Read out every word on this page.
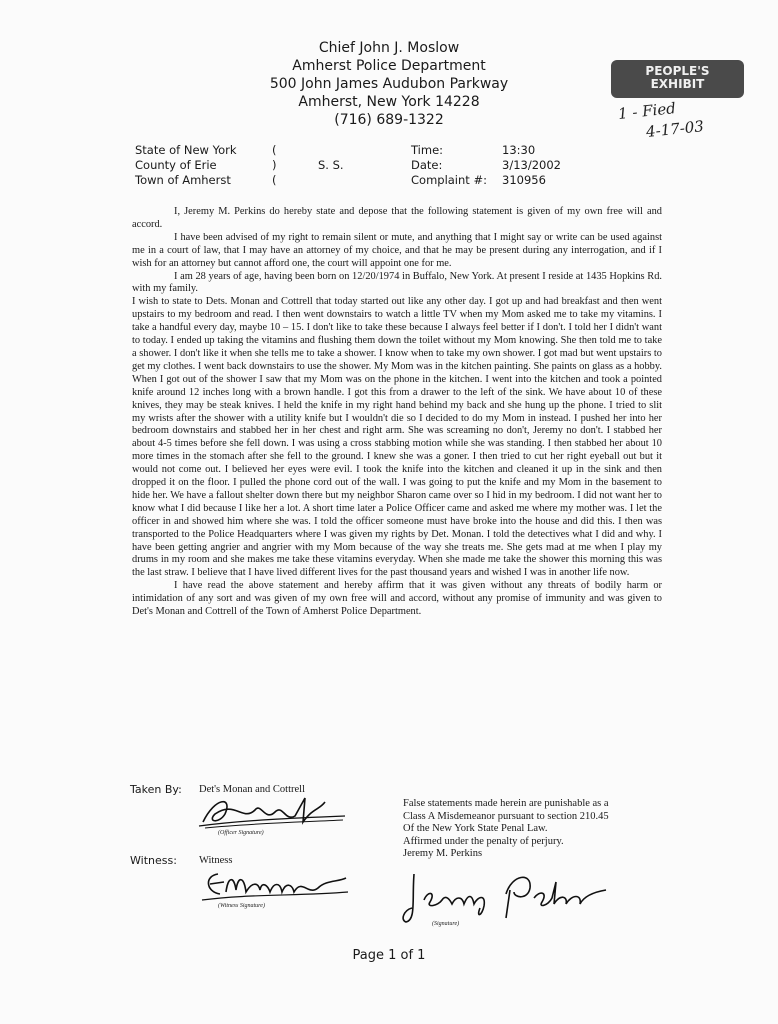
Chief John J. Moslow
Amherst Police Department
500 John James Audubon Parkway
Amherst, New York 14228
(716) 689-1322
PEOPLE'S
EXHIBIT
1 - Fied
4-17-03
State of New York
County of Erie
Town of Amherst
(
)
(
S. S.
Time:
Date:
Complaint #:
13:30
3/13/2002
310956

I, Jeremy M. Perkins do hereby state and depose that the following statement is given of my own free will and accord.

I have been advised of my right to remain silent or mute, and anything that I might say or write can be used against me in a court of law, that I may have an attorney of my choice, and that he may be present during any interrogation, and if I wish for an attorney but cannot afford one, the court will appoint one for me.

I am 28 years of age, having been born on 12/20/1974 in Buffalo, New York. At present I reside at 1435 Hopkins Rd. with my family.

I wish to state to Dets. Monan and Cottrell that today started out like any other day. I got up and had breakfast and then went upstairs to my bedroom and read. I then went downstairs to watch a little TV when my Mom asked me to take my vitamins. I take a handful every day, maybe 10 – 15. I don't like to take these because I always feel better if I don't. I told her I didn't want to today. I ended up taking the vitamins and flushing them down the toilet without my Mom knowing. She then told me to take a shower. I don't like it when she tells me to take a shower. I know when to take my own shower. I got mad but went upstairs to get my clothes. I went back downstairs to use the shower. My Mom was in the kitchen painting. She paints on glass as a hobby. When I got out of the shower I saw that my Mom was on the phone in the kitchen. I went into the kitchen and took a pointed knife around 12 inches long with a brown handle. I got this from a drawer to the left of the sink. We have about 10 of these knives, they may be steak knives. I held the knife in my right hand behind my back and she hung up the phone. I tried to slit my wrists after the shower with a utility knife but I wouldn't die so I decided to do my Mom in instead. I pushed her into her bedroom downstairs and stabbed her in her chest and right arm. She was screaming no don't, Jeremy no don't. I stabbed her about 4-5 times before she fell down. I was using a cross stabbing motion while she was standing. I then stabbed her about 10 more times in the stomach after she fell to the ground. I knew she was a goner. I then tried to cut her right eyeball out but it would not come out. I believed her eyes were evil. I took the knife into the kitchen and cleaned it up in the sink and then dropped it on the floor. I pulled the phone cord out of the wall. I was going to put the knife and my Mom in the basement to hide her. We have a fallout shelter down there but my neighbor Sharon came over so I hid in my bedroom. I did not want her to know what I did because I like her a lot. A short time later a Police Officer came and asked me where my mother was. I let the officer in and showed him where she was. I told the officer someone must have broke into the house and did this. I then was transported to the Police Headquarters where I was given my rights by Det. Monan. I told the detectives what I did and why. I have been getting angrier and angrier with my Mom because of the way she treats me. She gets mad at me when I play my drums in my room and she makes me take these vitamins everyday. When she made me take the shower this morning this was the last straw. I believe that I have lived different lives for the past thousand years and wished I was in another life now.

I have read the above statement and hereby affirm that it was given without any threats of bodily harm or intimidation of any sort and was given of my own free will and accord, without any promise of immunity and was given to Det's Monan and Cottrell of the Town of Amherst Police Department.

Taken By: Det's Monan and Cottrell
(Officer Signature)
Witness: Witness
(Witness Signature)
False statements made herein are punishable as a
Class A Misdemeanor pursuant to section 210.45
Of the New York State Penal Law.
Affirmed under the penalty of perjury.
Jeremy M. Perkins
(Signature)
Page 1 of 1
